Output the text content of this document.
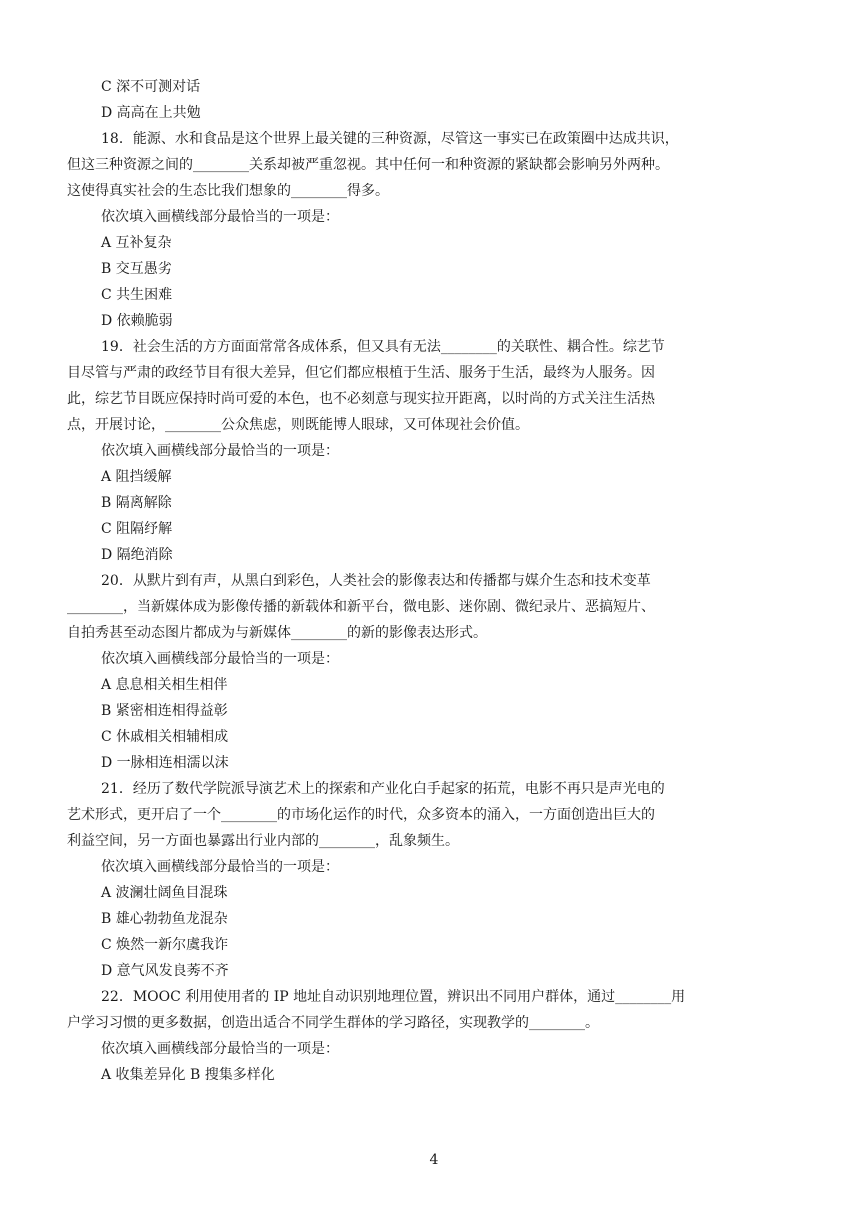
C 深不可测对话
D 高高在上共勉
18．能源、水和食品是这个世界上最关键的三种资源，尽管这一事实已在政策圈中达成共识，
但这三种资源之间的________关系却被严重忽视。其中任何一和种资源的紧缺都会影响另外两种。
这使得真实社会的生态比我们想象的________得多。
依次填入画横线部分最恰当的一项是：
A 互补复杂
B 交互愚劣
C 共生困难
D 依赖脆弱
19．社会生活的方方面面常常各成体系，但又具有无法________的关联性、耦合性。综艺节
目尽管与严肃的政经节目有很大差异，但它们都应根植于生活、服务于生活，最终为人服务。因
此，综艺节目既应保持时尚可爱的本色，也不必刻意与现实拉开距离，以时尚的方式关注生活热
点，开展讨论，________公众焦虑，则既能博人眼球，又可体现社会价值。
依次填入画横线部分最恰当的一项是：
A 阻挡缓解
B 隔离解除
C 阻隔纾解
D 隔绝消除
20．从默片到有声，从黑白到彩色，人类社会的影像表达和传播都与媒介生态和技术变革
________，当新媒体成为影像传播的新载体和新平台，微电影、迷你剧、微纪录片、恶搞短片、
自拍秀甚至动态图片都成为与新媒体________的新的影像表达形式。
依次填入画横线部分最恰当的一项是：
A 息息相关相生相伴
B 紧密相连相得益彰
C 休戚相关相辅相成
D 一脉相连相濡以沫
21．经历了数代学院派导演艺术上的探索和产业化白手起家的拓荒，电影不再只是声光电的
艺术形式，更开启了一个________的市场化运作的时代，众多资本的涌入，一方面创造出巨大的
利益空间，另一方面也暴露出行业内部的________，乱象频生。
依次填入画横线部分最恰当的一项是：
A 波澜壮阔鱼目混珠
B 雄心勃勃鱼龙混杂
C 焕然一新尔虞我诈
D 意气风发良莠不齐
22．MOOC 利用使用者的 IP 地址自动识别地理位置，辨识出不同用户群体，通过________用
户学习习惯的更多数据，创造出适合不同学生群体的学习路径，实现教学的________。
依次填入画横线部分最恰当的一项是：
A 收集差异化 B 搜集多样化
4
